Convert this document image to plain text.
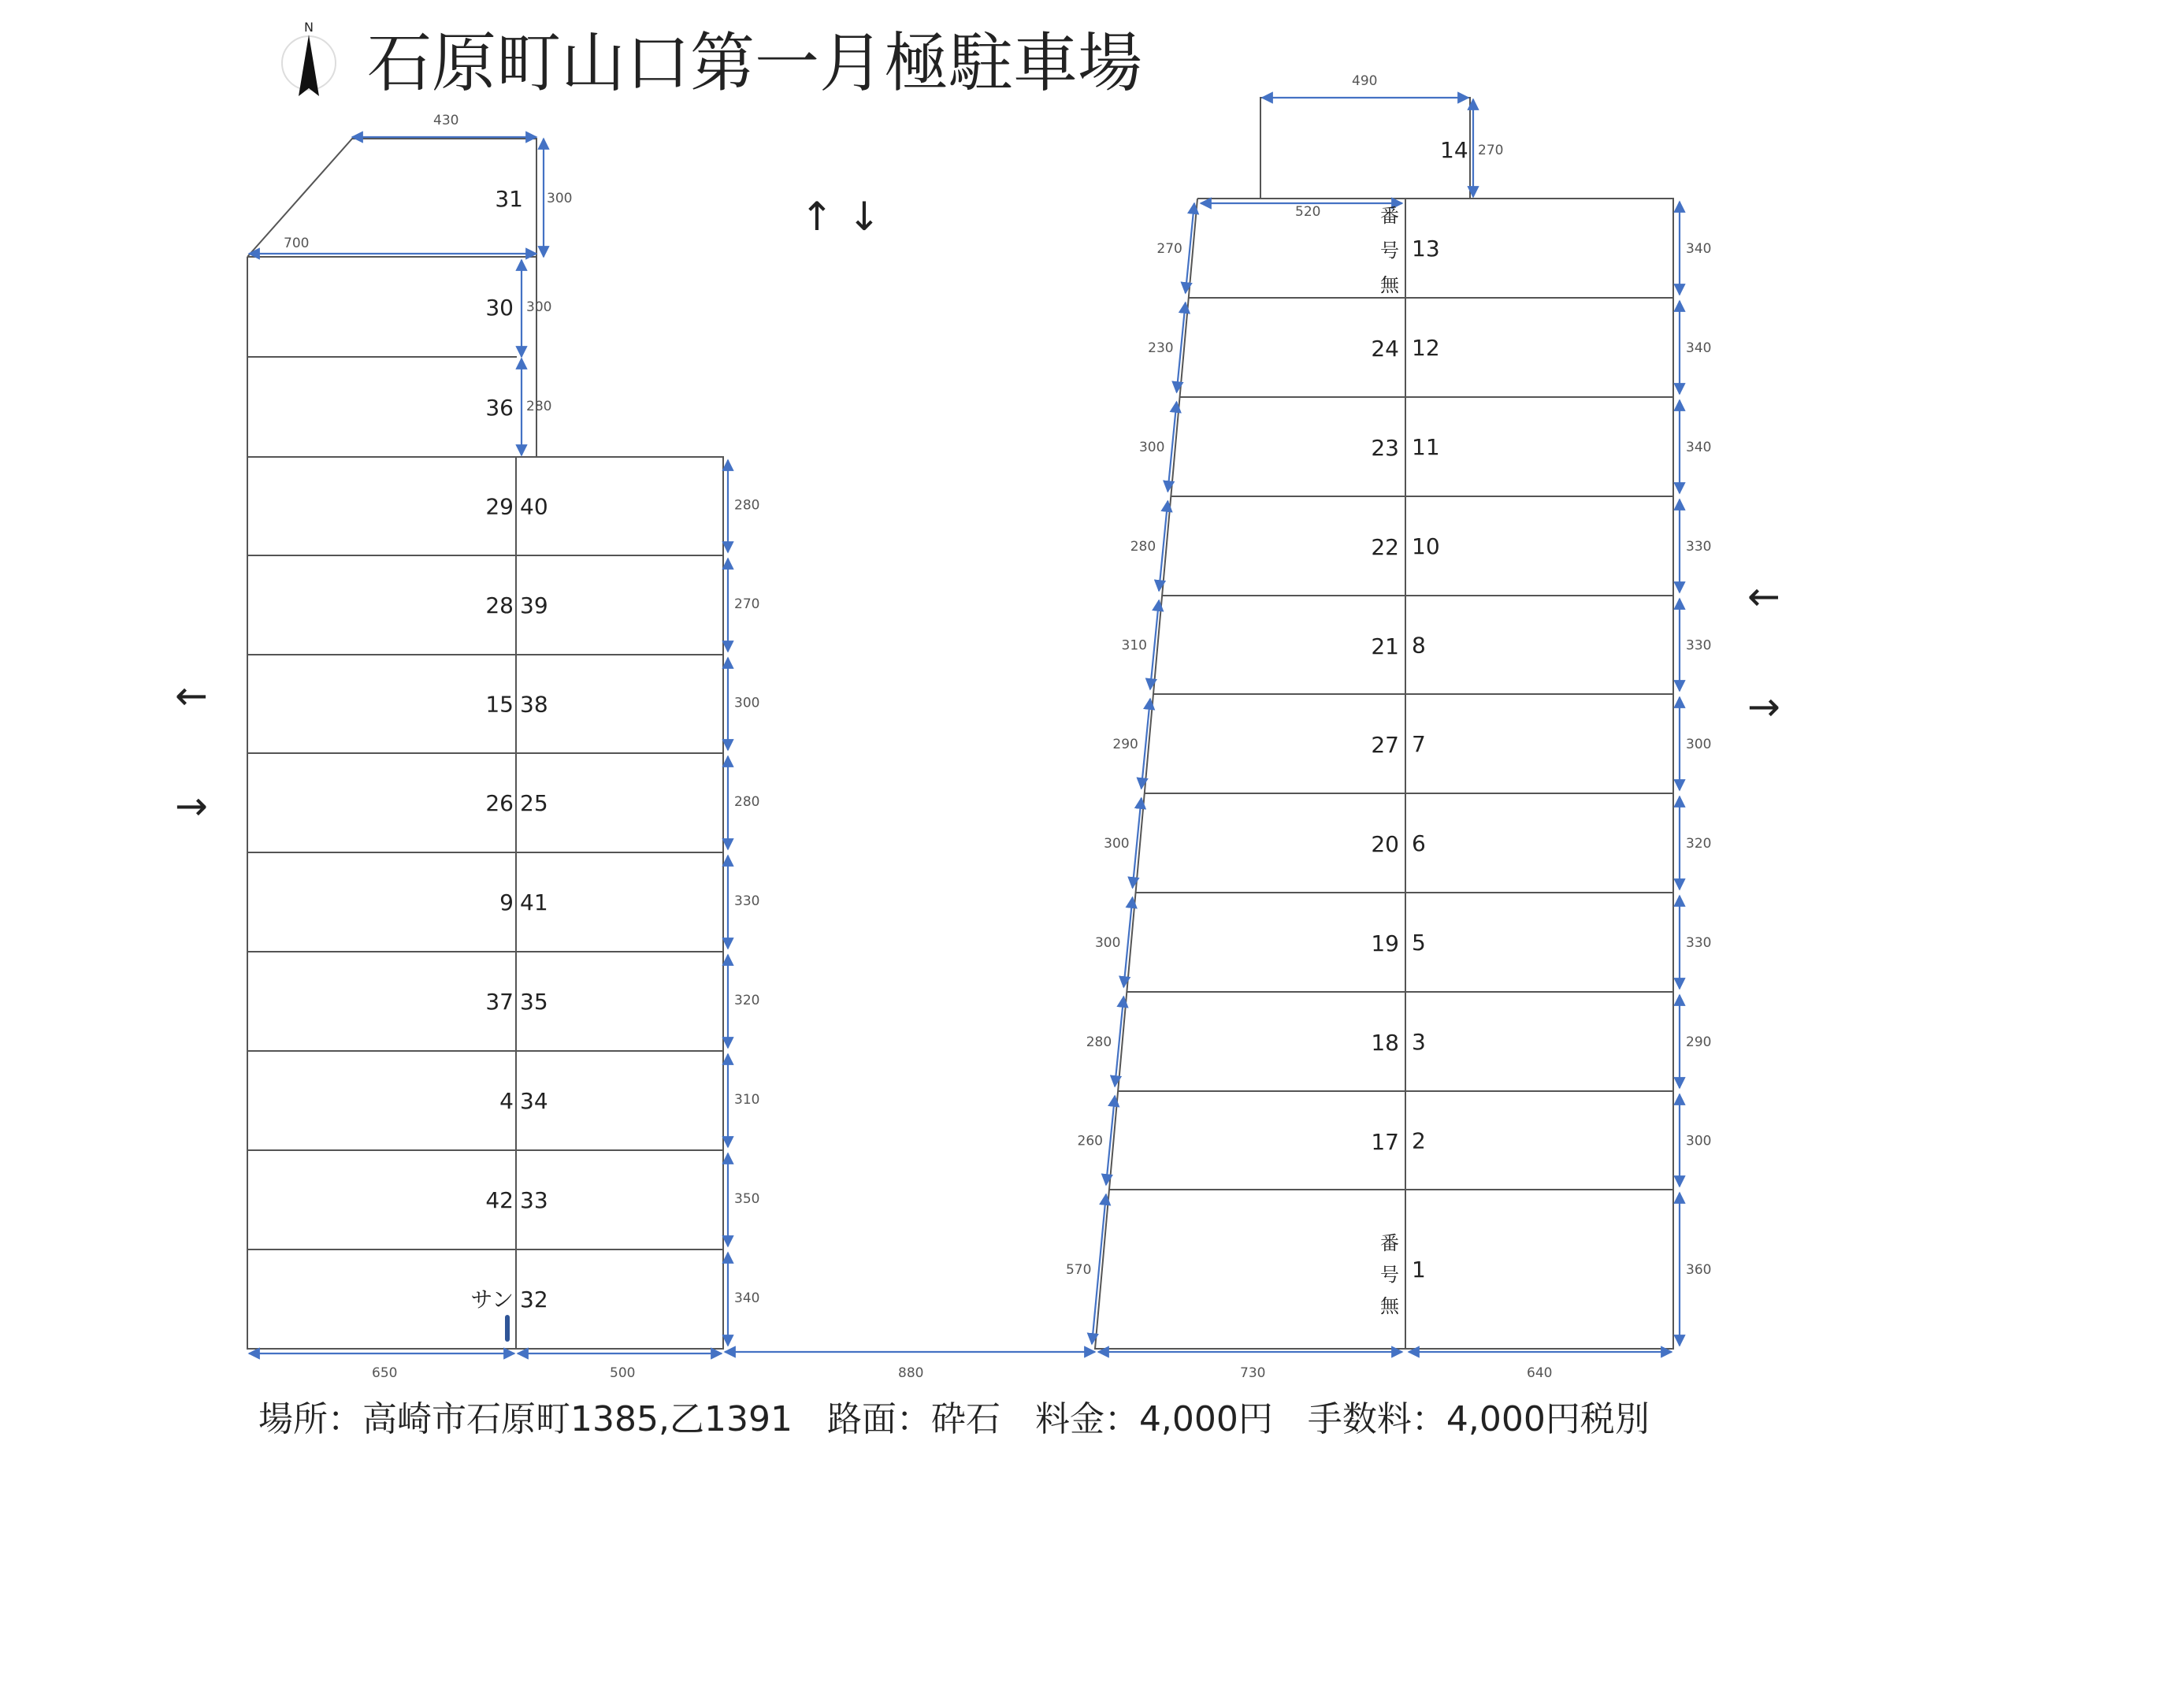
N 石原町山口第一月極駐車場
430
700
300
300
280
280
270
300
280
330
320
310
350
340
650	500
31
30
36
29
28
15
26
9
37
4
42
サン
40
39
38
25
41
35
34
33
32
880
↑ ↓
←
→
←
→
490
270
14
520
270
230
300
280
310
290
300
300
280
260
570
340
340
340
330
330
300
320
330
290
300
360
730	640
番
号
無
番
号
無
24
23
22
21
27
20
19
18
17
13
12
11
10
8
7
6
5
3
2
1
場所：高崎市石原町1385,乙1391　路面：砕石　料金：4,000円　手数料：4,000円税別
